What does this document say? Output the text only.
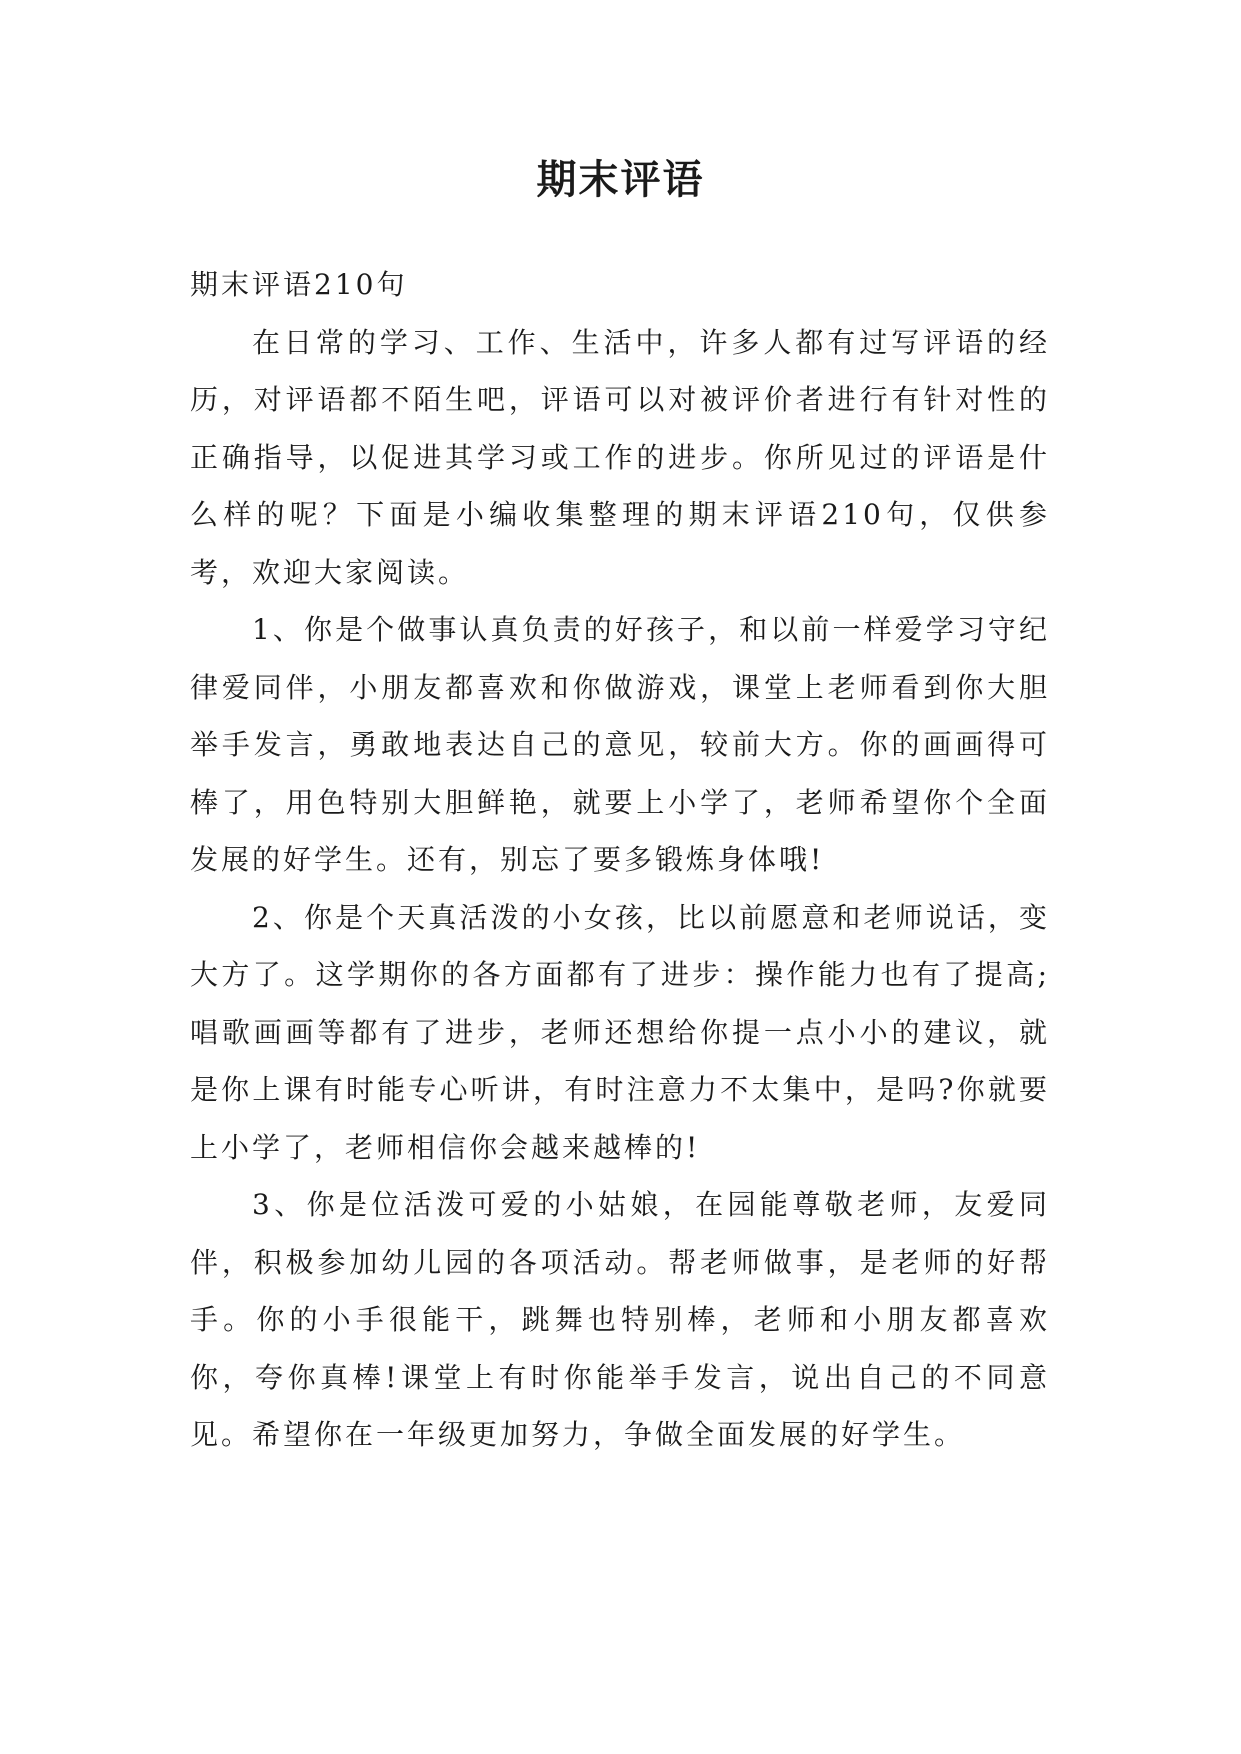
期末评语

期末评语210句

在日常的学习、工作、生活中，许多人都有过写评语的经历，对评语都不陌生吧，评语可以对被评价者进行有针对性的正确指导，以促进其学习或工作的进步。你所见过的评语是什么样的呢？下面是小编收集整理的期末评语210句，仅供参考，欢迎大家阅读。

1、你是个做事认真负责的好孩子，和以前一样爱学习守纪律爱同伴，小朋友都喜欢和你做游戏，课堂上老师看到你大胆举手发言，勇敢地表达自己的意见，较前大方。你的画画得可棒了，用色特别大胆鲜艳，就要上小学了，老师希望你个全面发展的好学生。还有，别忘了要多锻炼身体哦!

2、你是个天真活泼的小女孩，比以前愿意和老师说话，变大方了。这学期你的各方面都有了进步：操作能力也有了提高;唱歌画画等都有了进步，老师还想给你提一点小小的建议，就是你上课有时能专心听讲，有时注意力不太集中，是吗?你就要上小学了，老师相信你会越来越棒的!

3、你是位活泼可爱的小姑娘，在园能尊敬老师，友爱同伴，积极参加幼儿园的各项活动。帮老师做事，是老师的好帮手。你的小手很能干，跳舞也特别棒，老师和小朋友都喜欢你，夸你真棒!课堂上有时你能举手发言，说出自己的不同意见。希望你在一年级更加努力，争做全面发展的好学生。
